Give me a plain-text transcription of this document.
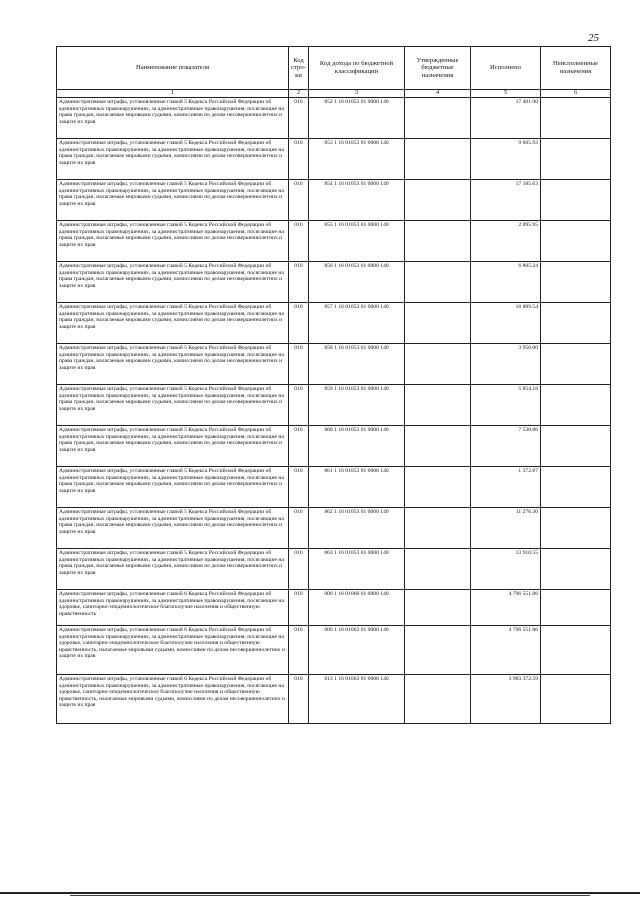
25
Наименование показателя	Код стро-ки	Код дохода по бюджетной классификации	Утвержденные бюджетные назначения	Исполнено	Неисполненные назначения
1	2	3	4	5	6
Административные штрафы, установленные главой 5 Кодекса Российской Федерации об административных правонарушениях, за административные правонарушения, посягающие на права граждан, налагаемые мировыми судьями, комиссиями по делам несовершеннолетних и защите их прав	010	852 1 16 01053 01 0000 140		17 401.00	
Административные штрафы, установленные главой 5 Кодекса Российской Федерации об административных правонарушениях, за административные правонарушения, посягающие на права граждан, налагаемые мировыми судьями, комиссиями по делам несовершеннолетних и защите их прав	010	853 1 16 01053 01 0000 140		9 605.93	
Административные штрафы, установленные главой 5 Кодекса Российской Федерации об административных правонарушениях, за административные правонарушения, посягающие на права граждан, налагаемые мировыми судьями, комиссиями по делам несовершеннолетних и защите их прав	010	854 1 16 01053 01 0000 140		17 185.63	
Административные штрафы, установленные главой 5 Кодекса Российской Федерации об административных правонарушениях, за административные правонарушения, посягающие на права граждан, налагаемые мировыми судьями, комиссиями по делам несовершеннолетних и защите их прав	010	855 1 16 01053 01 0000 140		2 095.95	
Административные штрафы, установленные главой 5 Кодекса Российской Федерации об административных правонарушениях, за административные правонарушения, посягающие на права граждан, налагаемые мировыми судьями, комиссиями по делам несовершеннолетних и защите их прав	010	856 1 16 01053 01 0000 140		6 805.24	
Административные штрафы, установленные главой 5 Кодекса Российской Федерации об административных правонарушениях, за административные правонарушения, посягающие на права граждан, налагаемые мировыми судьями, комиссиями по делам несовершеннолетних и защите их прав	010	857 1 16 01053 01 0000 140		18 889.54	
Административные штрафы, установленные главой 5 Кодекса Российской Федерации об административных правонарушениях, за административные правонарушения, посягающие на права граждан, налагаемые мировыми судьями, комиссиями по делам несовершеннолетних и защите их прав	010	858 1 16 01053 01 0000 140		3 950.00	
Административные штрафы, установленные главой 5 Кодекса Российской Федерации об административных правонарушениях, за административные правонарушения, посягающие на права граждан, налагаемые мировыми судьями, комиссиями по делам несовершеннолетних и защите их прав	010	859 1 16 01053 01 0000 140		5 854.18	
Административные штрафы, установленные главой 5 Кодекса Российской Федерации об административных правонарушениях, за административные правонарушения, посягающие на права граждан, налагаемые мировыми судьями, комиссиями по делам несовершеннолетних и защите их прав	010	860 1 16 01053 01 0000 140		7 530.86	
Административные штрафы, установленные главой 5 Кодекса Российской Федерации об административных правонарушениях, за административные правонарушения, посягающие на права граждан, налагаемые мировыми судьями, комиссиями по делам несовершеннолетних и защите их прав	010	861 1 16 01053 01 0000 140		1 372.87	
Административные штрафы, установленные главой 5 Кодекса Российской Федерации об административных правонарушениях, за административные правонарушения, посягающие на права граждан, налагаемые мировыми судьями, комиссиями по делам несовершеннолетних и защите их прав	010	862 1 16 01053 01 0000 140		11 276.30	
Административные штрафы, установленные главой 5 Кодекса Российской Федерации об административных правонарушениях, за административные правонарушения, посягающие на права граждан, налагаемые мировыми судьями, комиссиями по делам несовершеннолетних и защите их прав	010	863 1 16 01053 01 0000 140		13 910.55	
Административные штрафы, установленные главой 6 Кодекса Российской Федерации об административных правонарушениях, за административные правонарушения, посягающие на здоровье, санитарно-эпидемиологическое благополучие населения и общественную нравственность	010	000 1 16 01060 01 0000 140		4 796 551.86	
Административные штрафы, установленные главой 6 Кодекса Российской Федерации об административных правонарушениях, за административные правонарушения, посягающие на здоровье, санитарно-эпидемиологическое благополучие населения и общественную нравственность, налагаемые мировыми судьями, комиссиями по делам несовершеннолетних и защите их прав	010	000 1 16 01063 01 0000 140		4 796 551.86	
Административные штрафы, установленные главой 6 Кодекса Российской Федерации об административных правонарушениях, за административные правонарушения, посягающие на здоровье, санитарно-эпидемиологическое благополучие населения и общественную нравственность, налагаемые мировыми судьями, комиссиями по делам несовершеннолетних и защите их прав	010	813 1 16 01063 01 0000 140		3 903 372.59	
